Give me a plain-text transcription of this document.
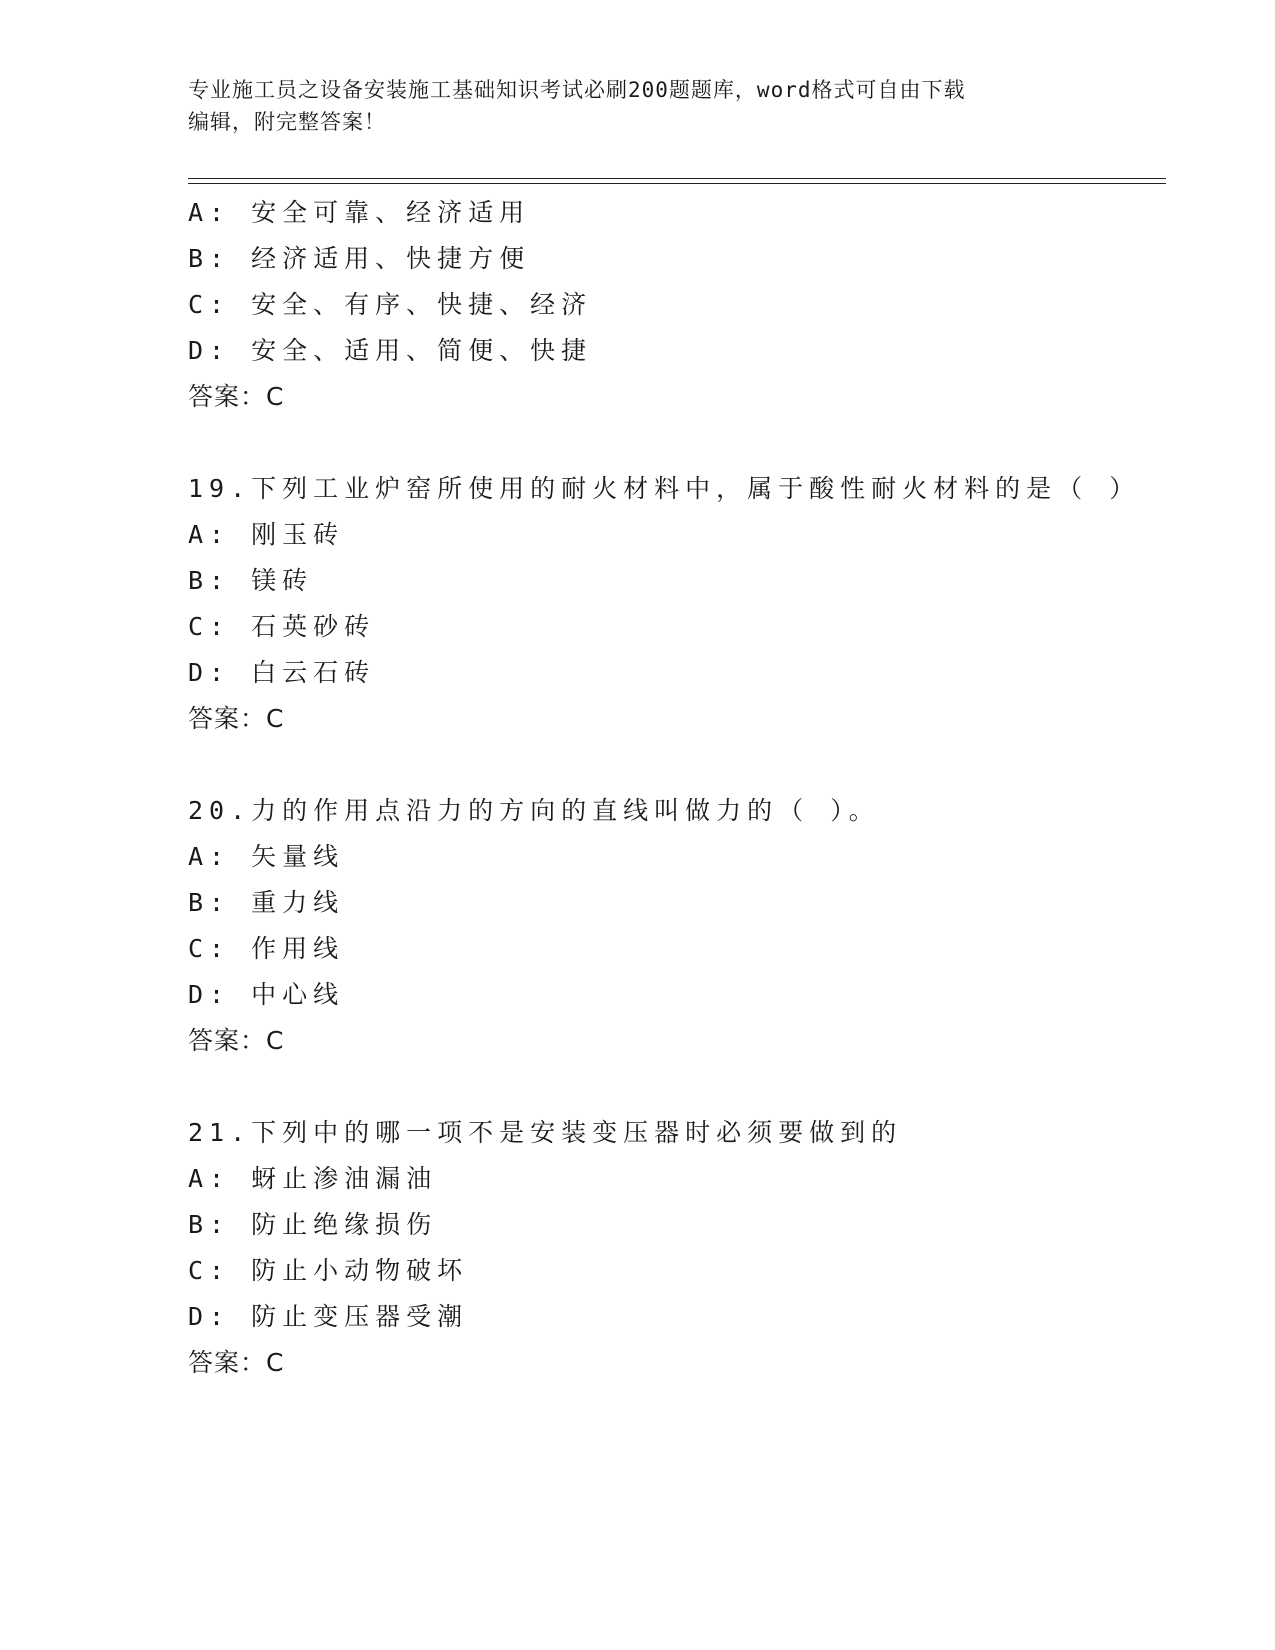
专业施工员之设备安装施工基础知识考试必刷200题题库，word格式可自由下载
编辑，附完整答案！
A: 安全可靠、经济适用
B: 经济适用、快捷方便
C: 安全、有序、快捷、经济
D: 安全、适用、简便、快捷
答案：C
19.下列工业炉窑所使用的耐火材料中，属于酸性耐火材料的是（ ）
A: 刚玉砖
B: 镁砖
C: 石英砂砖
D: 白云石砖
答案：C
20.力的作用点沿力的方向的直线叫做力的（ ）。
A: 矢量线
B: 重力线
C: 作用线
D: 中心线
答案：C
21.下列中的哪一项不是安装变压器时必须要做到的
A: 蚜止渗油漏油
B: 防止绝缘损伤
C: 防止小动物破坏
D: 防止变压器受潮
答案：C
